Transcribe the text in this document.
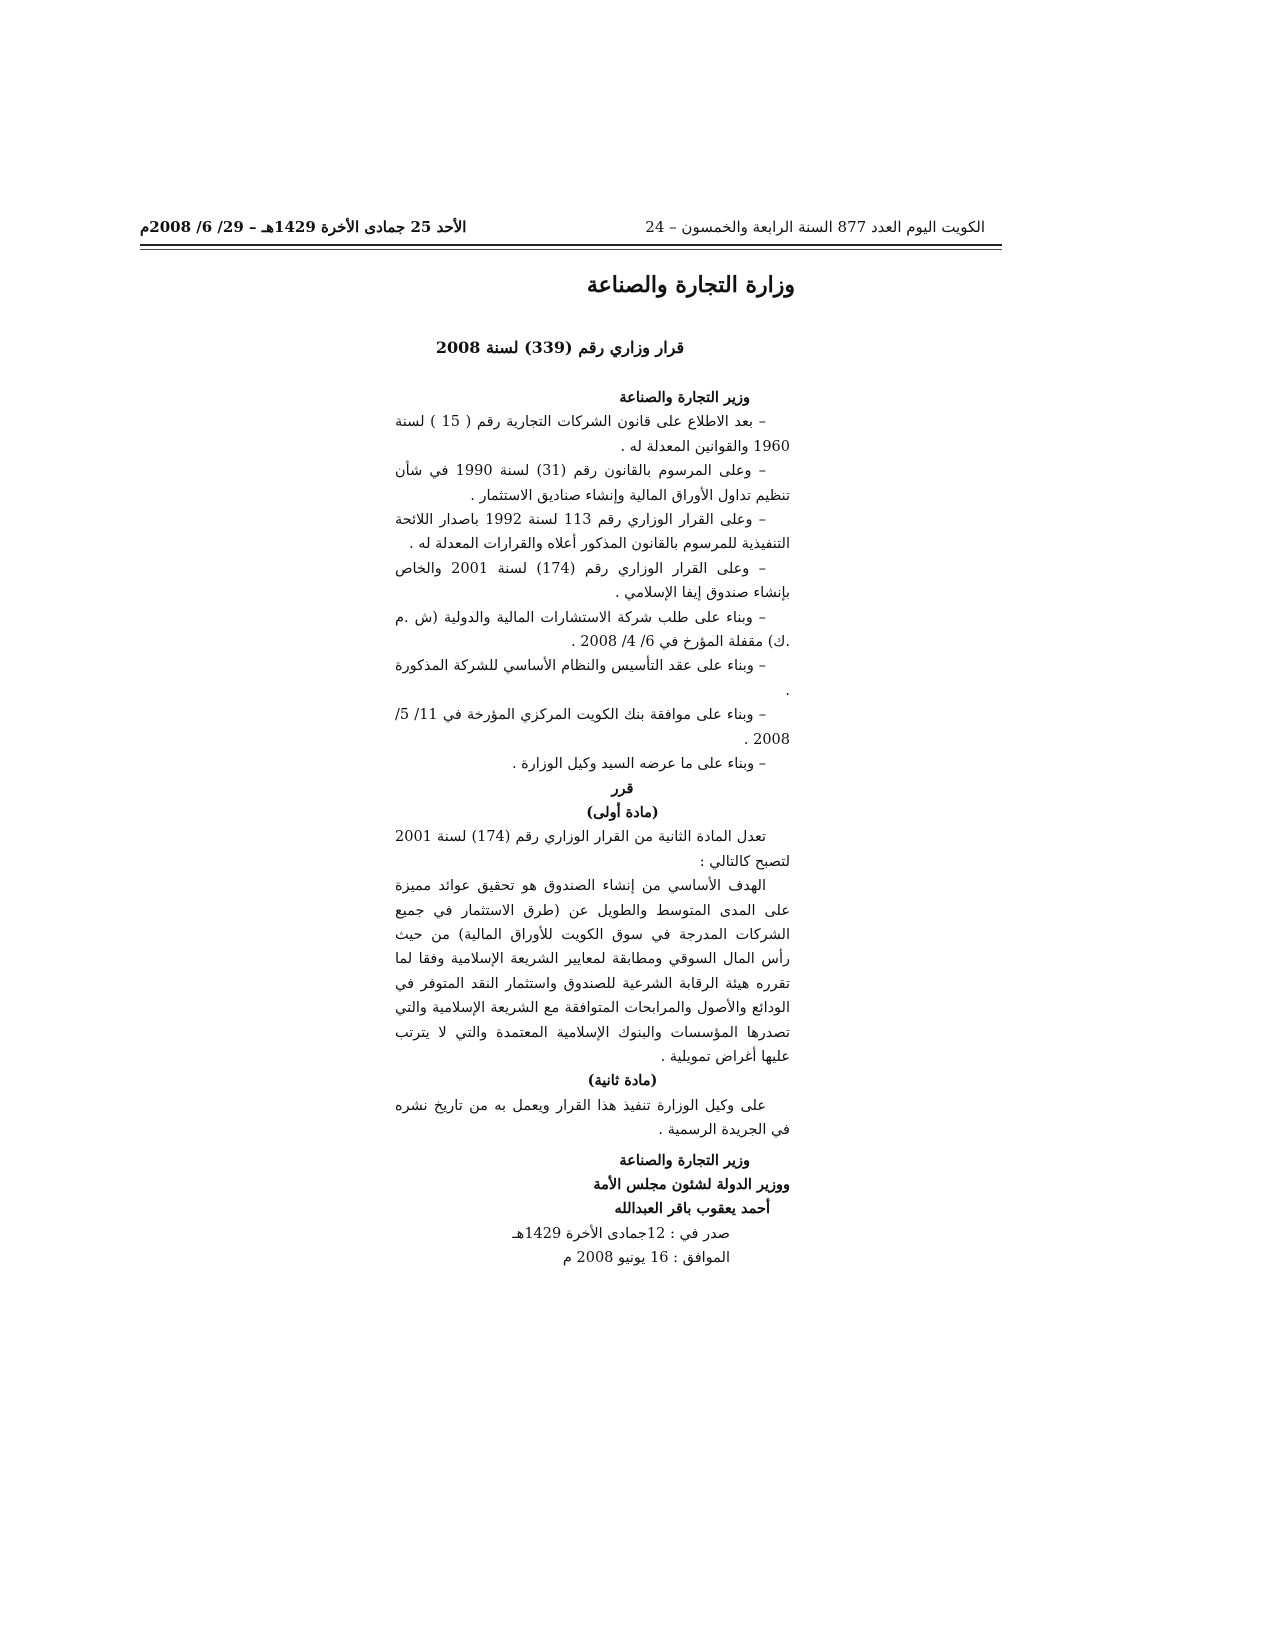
الكويت اليوم العدد 877 السنة الرابعة والخمسون – 24
الأحد 25 جمادى الأخرة 1429هـ – 29/ 6/ 2008م
وزارة التجارة والصناعة
قرار وزاري رقم (339) لسنة 2008
وزير التجارة والصناعة

– بعد الاطلاع على قانون الشركات التجارية رقم ( 15 ) لسنة 1960 والقوانين المعدلة له .

– وعلى المرسوم بالقانون رقم (31) لسنة 1990 في شأن تنظيم تداول الأوراق المالية وإنشاء صناديق الاستثمار .

– وعلى القرار الوزاري رقم 113 لسنة 1992 باصدار اللائحة التنفيذية للمرسوم بالقانون المذكور أعلاه والقرارات المعدلة له .

– وعلى القرار الوزاري رقم (174) لسنة 2001 والخاص بإنشاء صندوق إيفا الإسلامي .

– وبناء على طلب شركة الاستشارات المالية والدولية (ش .م .ك) مقفلة المؤرخ في 6/ 4/ 2008 .

– وبناء على عقد التأسيس والنظام الأساسي للشركة المذكورة .

– وبناء على موافقة بنك الكويت المركزي المؤرخة في 11/ 5/ 2008 .

– وبناء على ما عرضه السيد وكيل الوزارة .

قرر
(مادة أولى)

تعدل المادة الثانية من القرار الوزاري رقم (174) لسنة 2001 لتصبح كالتالي :

الهدف الأساسي من إنشاء الصندوق هو تحقيق عوائد مميزة على المدى المتوسط والطويل عن (طرق الاستثمار في جميع الشركات المدرجة في سوق الكويت للأوراق المالية) من حيث رأس المال السوقي ومطابقة لمعايير الشريعة الإسلامية وفقا لما تقرره هيئة الرقابة الشرعية للصندوق واستثمار النقد المتوفر في الودائع والأصول والمرابحات المتوافقة مع الشريعة الإسلامية والتي تصدرها المؤسسات والبنوك الإسلامية المعتمدة والتي لا يترتب عليها أغراض تمويلية .

(مادة ثانية)

على وكيل الوزارة تنفيذ هذا القرار ويعمل به من تاريخ نشره في الجريدة الرسمية .

وزير التجارة والصناعة
ووزير الدولة لشئون مجلس الأمة
أحمد يعقوب باقر العبدالله
صدر في : 12جمادى الأخرة 1429هـ
الموافق : 16 يونيو 2008 م
